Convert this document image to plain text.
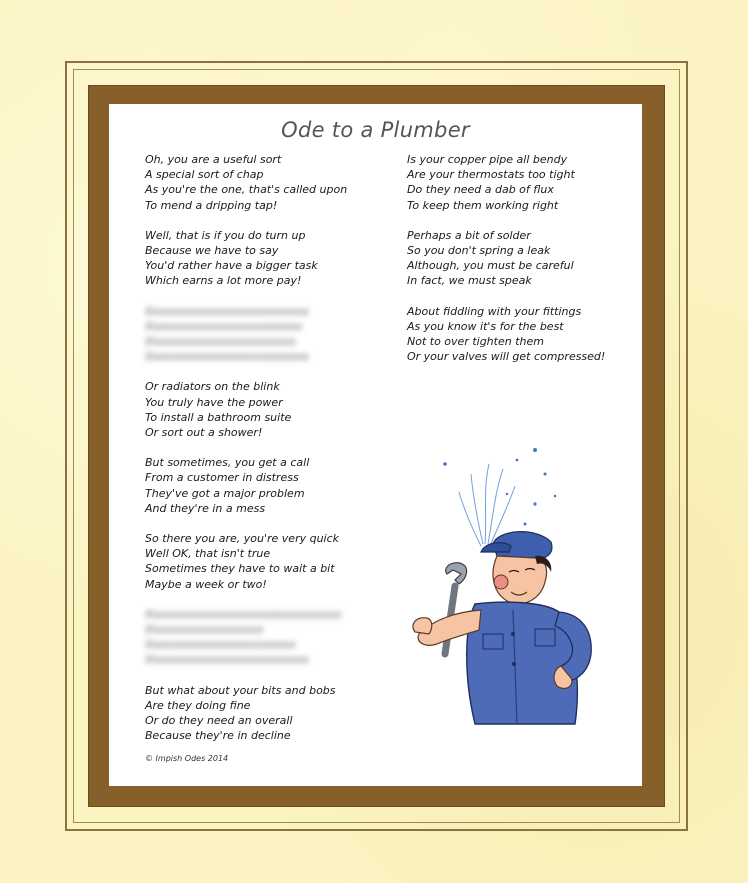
Ode to a Plumber
Oh, you are a useful sort
A special sort of chap
As you're the one, that's called upon
To mend a dripping tap!
Well, that is if you do turn up
Because we have to say
You'd rather have a bigger task
Which earns a lot more pay!
Xxxxxxxxxxxxxxxxxxxxxxxxx
Xxxxxxxxxxxxxxxxxxxxxxxx
Xxxxxxxxxxxxxxxxxxxxxxx
Xxxxxxxxxxxxxxxxxxxxxxxxx
Or radiators on the blink
You truly have the power
To install a bathroom suite
Or sort out a shower!
But sometimes, you get a call
From a customer in distress
They've got a major problem
And they're in a mess
So there you are, you're very quick
Well OK, that isn't true
Sometimes they have to wait a bit
Maybe a week or two!
Xxxxxxxxxxxxxxxxxxxxxxxxxxxxxx
Xxxxxxxxxxxxxxxxxx
Xxxxxxxxxxxxxxxxxxxxxxx
Xxxxxxxxxxxxxxxxxxxxxxxxx
But what about your bits and bobs
Are they doing fine
Or do they need an overall
Because they're in decline
Is your copper pipe all bendy
Are your thermostats too tight
Do they need a dab of flux
To keep them working right
Perhaps a bit of solder
So you don't spring a leak
Although, you must be careful
In fact, we must speak
About fiddling with your fittings
As you know it's for the best
Not to over tighten them
Or your valves will get compressed!
© Impish Odes 2014
